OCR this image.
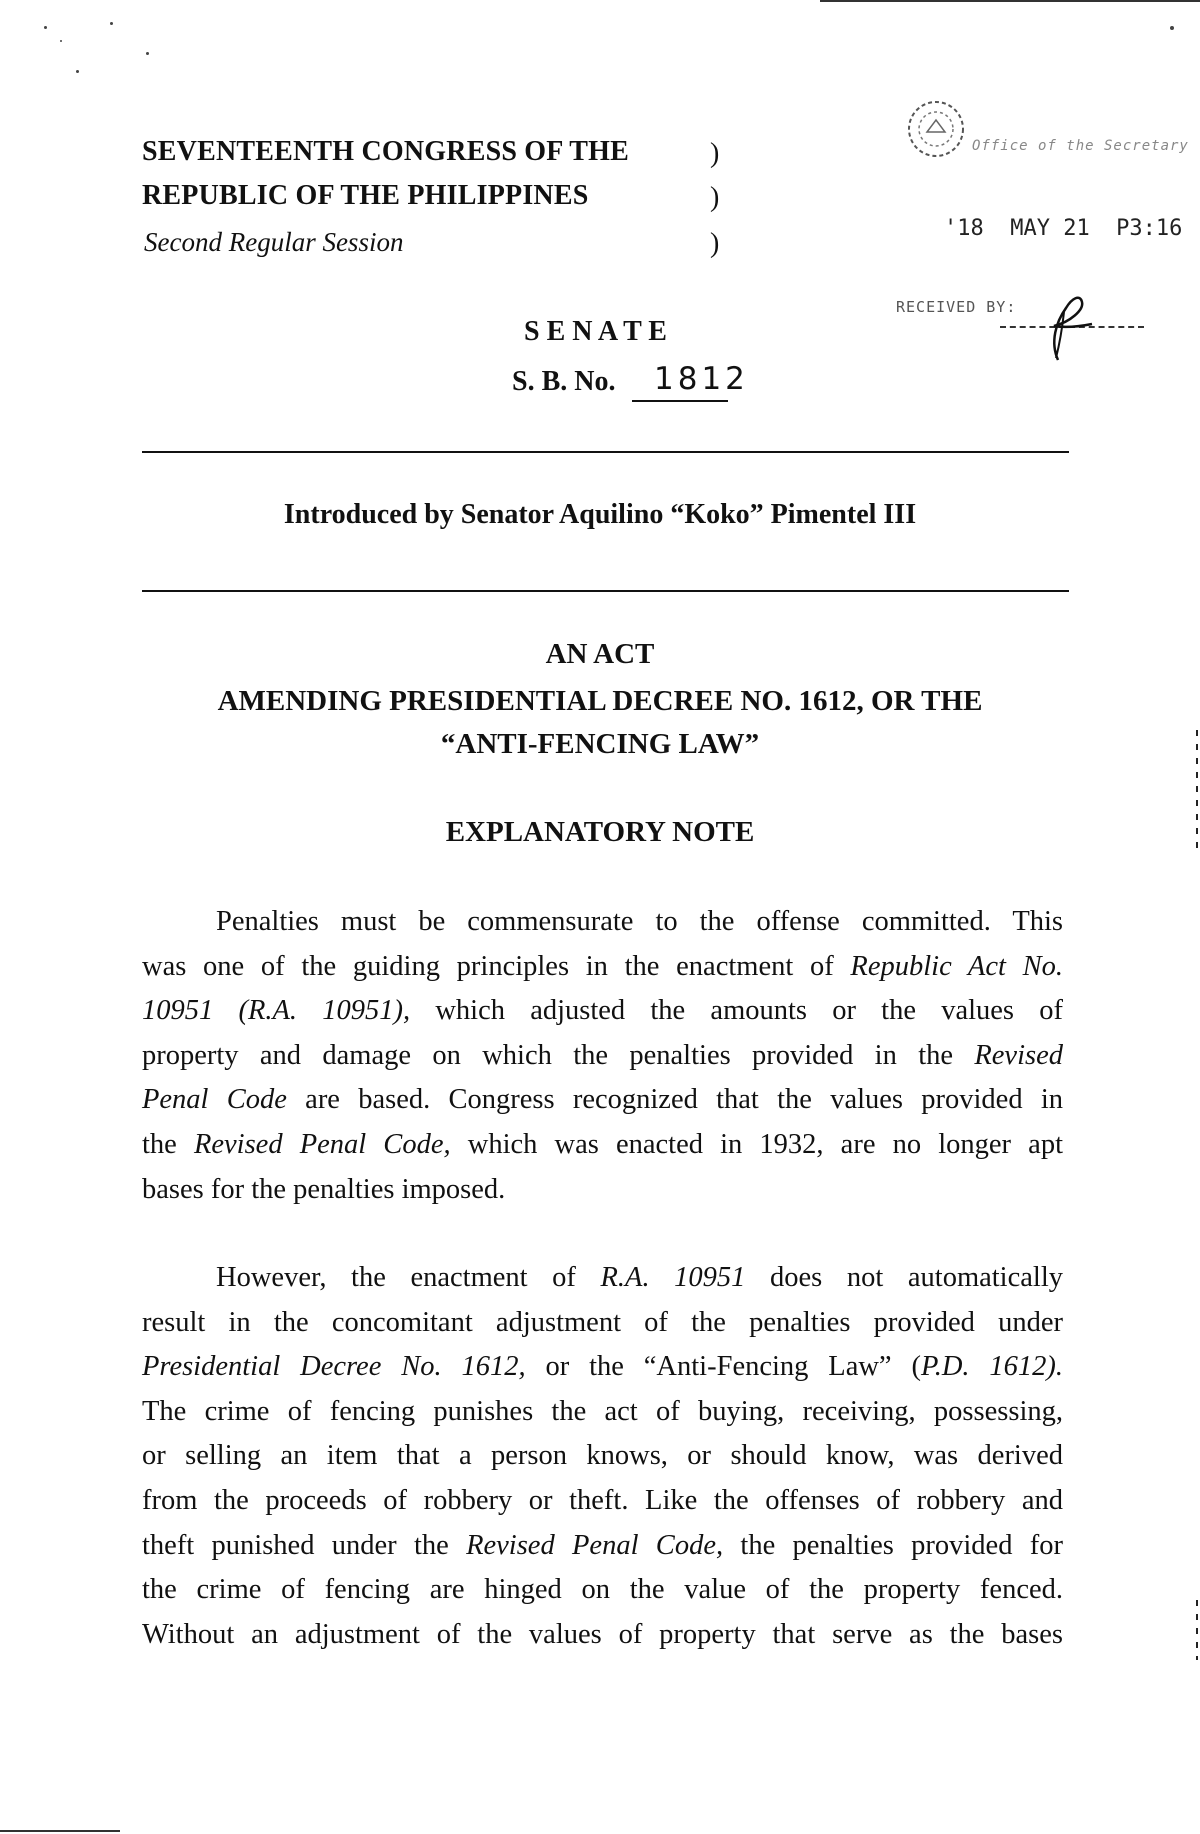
SEVENTEENTH CONGRESS OF THE
REPUBLIC OF THE PHILIPPINES
Second Regular Session
)
)
)
Office of the Secretary
'18  MAY 21  P3:16
RECEIVED BY:
S E N A T E
S. B. No. 1812
Introduced by Senator Aquilino “Koko” Pimentel III
AN ACT
AMENDING PRESIDENTIAL DECREE NO. 1612, OR THE
“ANTI-FENCING LAW”
EXPLANATORY NOTE
Penalties must be commensurate to the offense committed. This
was one of the guiding principles in the enactment of Republic Act No.
10951 (R.A. 10951), which adjusted the amounts or the values of
property and damage on which the penalties provided in the Revised
Penal Code are based. Congress recognized that the values provided in
the Revised Penal Code, which was enacted in 1932, are no longer apt
bases for the penalties imposed.
However, the enactment of R.A. 10951 does not automatically
result in the concomitant adjustment of the penalties provided under
Presidential Decree No. 1612, or the “Anti-Fencing Law” (P.D. 1612).
The crime of fencing punishes the act of buying, receiving, possessing,
or selling an item that a person knows, or should know, was derived
from the proceeds of robbery or theft. Like the offenses of robbery and
theft punished under the Revised Penal Code, the penalties provided for
the crime of fencing are hinged on the value of the property fenced.
Without an adjustment of the values of property that serve as the bases
